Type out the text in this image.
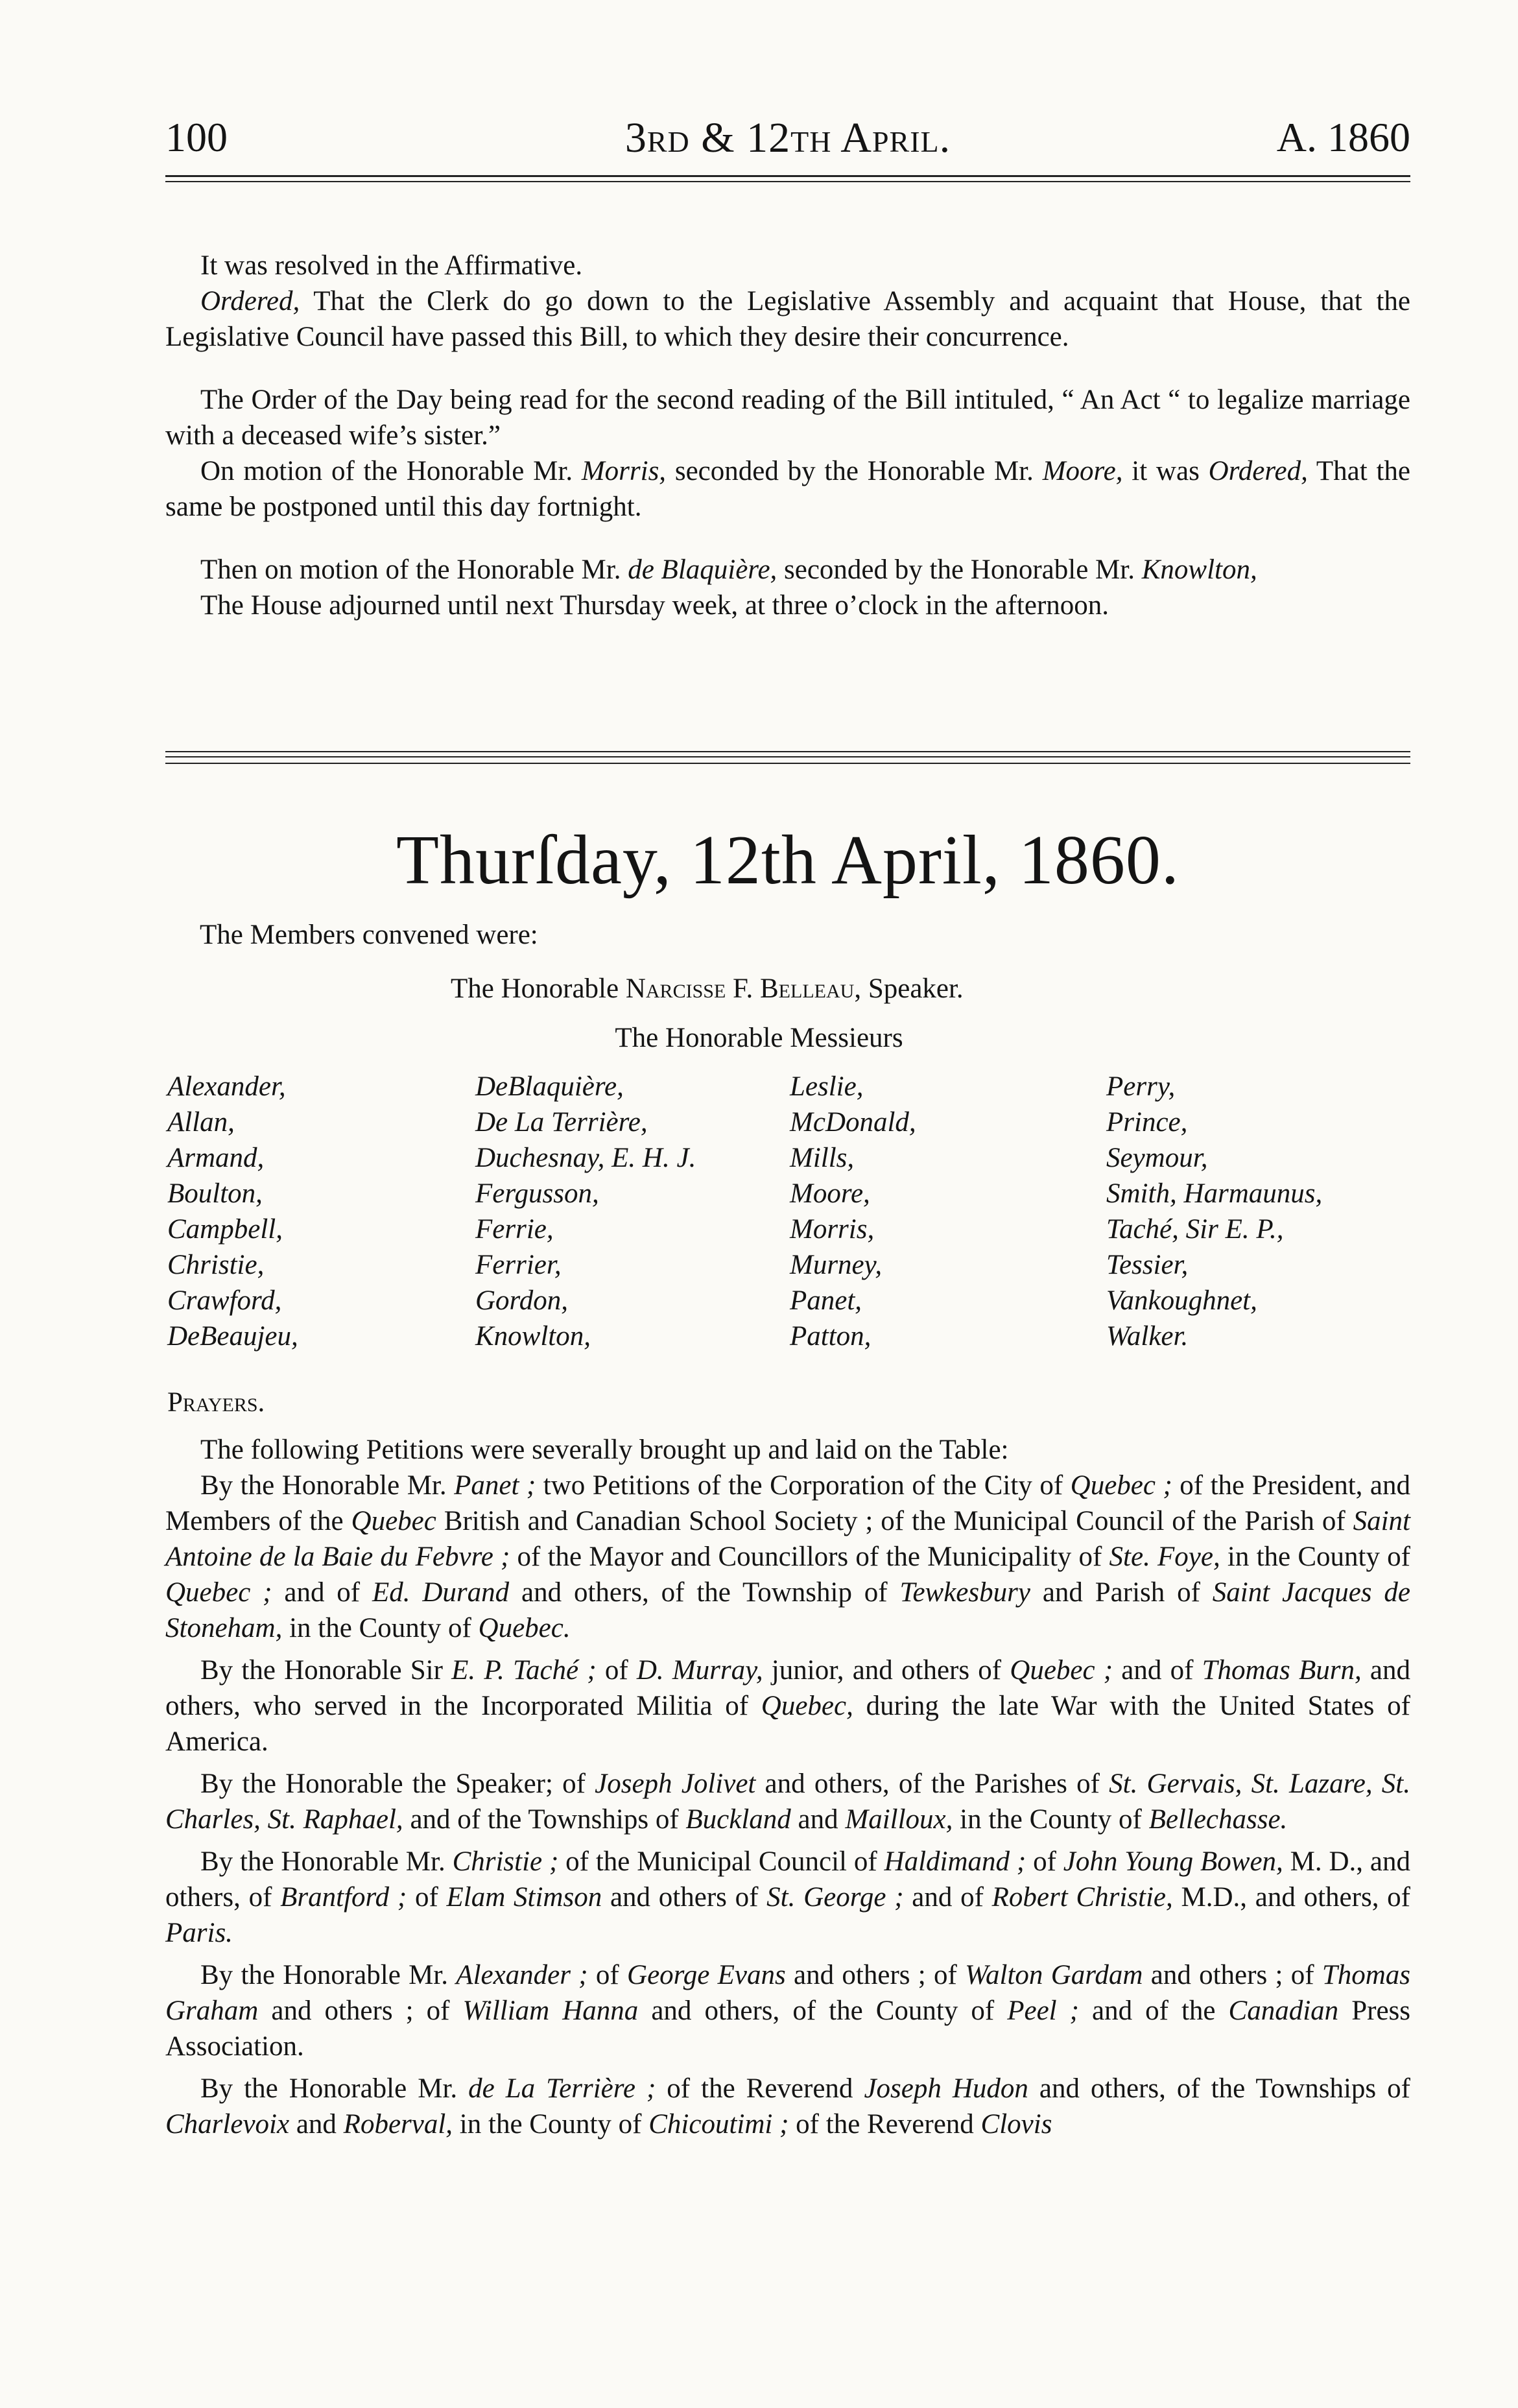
100	3rd & 12th April.	A. 1860

It was resolved in the Affirmative.

Ordered, That the Clerk do go down to the Legislative Assembly and acquaint that House, that the Legislative Council have passed this Bill, to which they desire their concurrence.

The Order of the Day being read for the second reading of the Bill intituled, “ An Act “ to legalize marriage with a deceased wife’s sister.”

On motion of the Honorable Mr. Morris, seconded by the Honorable Mr. Moore, it was Ordered, That the same be postponed until this day fortnight.

Then on motion of the Honorable Mr. de Blaquière, seconded by the Honorable Mr. Knowlton,

The House adjourned until next Thursday week, at three o’clock in the afternoon.

Thurſday, 12th April, 1860.
The Members convened were:
The Honorable Narcisse F. Belleau, Speaker.
The Honorable Messieurs
Alexander,
Allan,
Armand,
Boulton,
Campbell,
Christie,
Crawford,
DeBeaujeu,
DeBlaquière,
De La Terrière,
Duchesnay, E. H. J.
Fergusson,
Ferrie,
Ferrier,
Gordon,
Knowlton,
Leslie,
McDonald,
Mills,
Moore,
Morris,
Murney,
Panet,
Patton,
Perry,
Prince,
Seymour,
Smith, Harmaunus,
Taché, Sir E. P.,
Tessier,
Vankoughnet,
Walker.
Prayers.

The following Petitions were severally brought up and laid on the Table:

By the Honorable Mr. Panet ; two Petitions of the Corporation of the City of Quebec ; of the President, and Members of the Quebec British and Canadian School Society ; of the Municipal Council of the Parish of Saint Antoine de la Baie du Febvre ; of the Mayor and Councillors of the Municipality of Ste. Foye, in the County of Quebec ; and of Ed. Durand and others, of the Township of Tewkesbury and Parish of Saint Jacques de Stoneham, in the County of Quebec.

By the Honorable Sir E. P. Taché ; of D. Murray, junior, and others of Quebec ; and of Thomas Burn, and others, who served in the Incorporated Militia of Quebec, during the late War with the United States of America.

By the Honorable the Speaker; of Joseph Jolivet and others, of the Parishes of St. Gervais, St. Lazare, St. Charles, St. Raphael, and of the Townships of Buckland and Mailloux, in the County of Bellechasse.

By the Honorable Mr. Christie ; of the Municipal Council of Haldimand ; of John Young Bowen, M. D., and others, of Brantford ; of Elam Stimson and others of St. George ; and of Robert Christie, M.D., and others, of Paris.

By the Honorable Mr. Alexander ; of George Evans and others ; of Walton Gardam and others ; of Thomas Graham and others ; of William Hanna and others, of the County of Peel ; and of the Canadian Press Association.

By the Honorable Mr. de La Terrière ; of the Reverend Joseph Hudon and others, of the Townships of Charlevoix and Roberval, in the County of Chicoutimi ; of the Reverend Clovis
